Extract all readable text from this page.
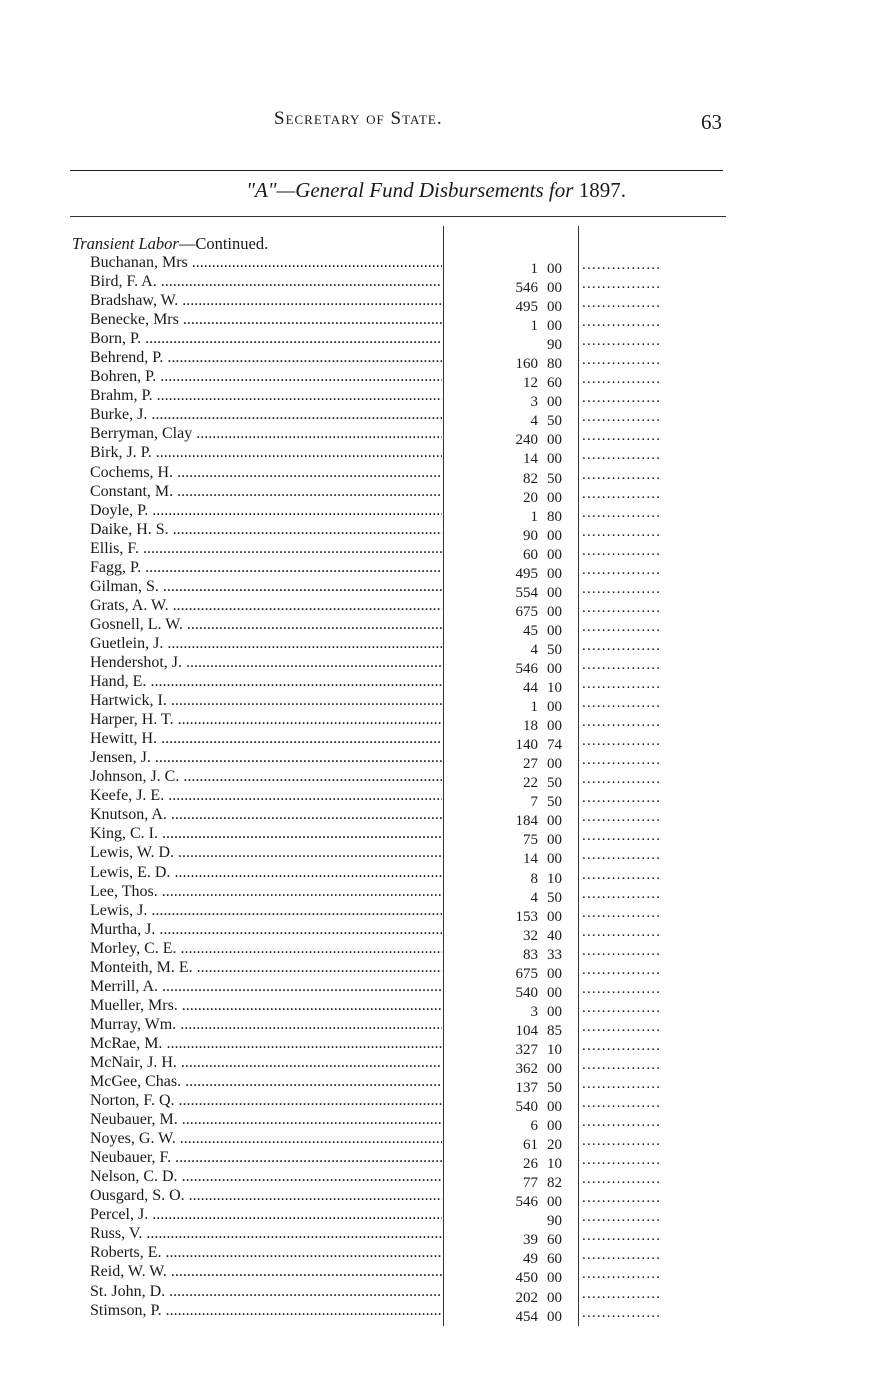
Secretary of State.	63
"A"—General Fund Disbursements for 1897.
Transient Labor—Continued.
Buchanan, Mrs .....	1 00 ................
Bird, F. A. .....	546 00 ................
Bradshaw, W. .....	495 00 ................
Benecke, Mrs .....	1 00 ................
Born, P. .....	90 ................
Behrend, P. .....	160 80 ................
Bohren, P. .....	12 60 ................
Brahm, P. .....	3 00 ................
Burke, J. .....	4 50 ................
Berryman, Clay .....	240 00 ................
Birk, J. P. .....	14 00 ................
Cochems, H. .....	82 50 ................
Constant, M. .....	20 00 ................
Doyle, P. .....	1 80 ................
Daike, H. S. .....	90 00 ................
Ellis, F. .....	60 00 ................
Fagg, P. .....	495 00 ................
Gilman, S. .....	554 00 ................
Grats, A. W. .....	675 00 ................
Gosnell, L. W. .....	45 00 ................
Guetlein, J. .....	4 50 ................
Hendershot, J. .....	546 00 ................
Hand, E. .....	44 10 ................
Hartwick, I. .....	1 00 ................
Harper, H. T. .....	18 00 ................
Hewitt, H. .....	140 74 ................
Jensen, J. .....	27 00 ................
Johnson, J. C. .....	22 50 ................
Keefe, J. E. .....	7 50 ................
Knutson, A. .....	184 00 ................
King, C. I. .....	75 00 ................
Lewis, W. D. .....	14 00 ................
Lewis, E. D. .....	8 10 ................
Lee, Thos. .....	4 50 ................
Lewis, J. .....	153 00 ................
Murtha, J. .....	32 40 ................
Morley, C. E. .....	83 33 ................
Monteith, M. E. .....	675 00 ................
Merrill, A. .....	540 00 ................
Mueller, Mrs. .....	3 00 ................
Murray, Wm. .....	104 85 ................
McRae, M. .....	327 10 ................
McNair, J. H. .....	362 00 ................
McGee, Chas. .....	137 50 ................
Norton, F. Q. .....	540 00 ................
Neubauer, M. .....	6 00 ................
Noyes, G. W. .....	61 20 ................
Neubauer, F. .....	26 10 ................
Nelson, C. D. .....	77 82 ................
Ousgard, S. O. .....	546 00 ................
Percel, J. .....	90 ................
Russ, V. .....	39 60 ................
Roberts, E. .....	49 60 ................
Reid, W. W. .....	450 00 ................
St. John, D. .....	202 00 ................
Stimson, P. .....	454 00 ................
